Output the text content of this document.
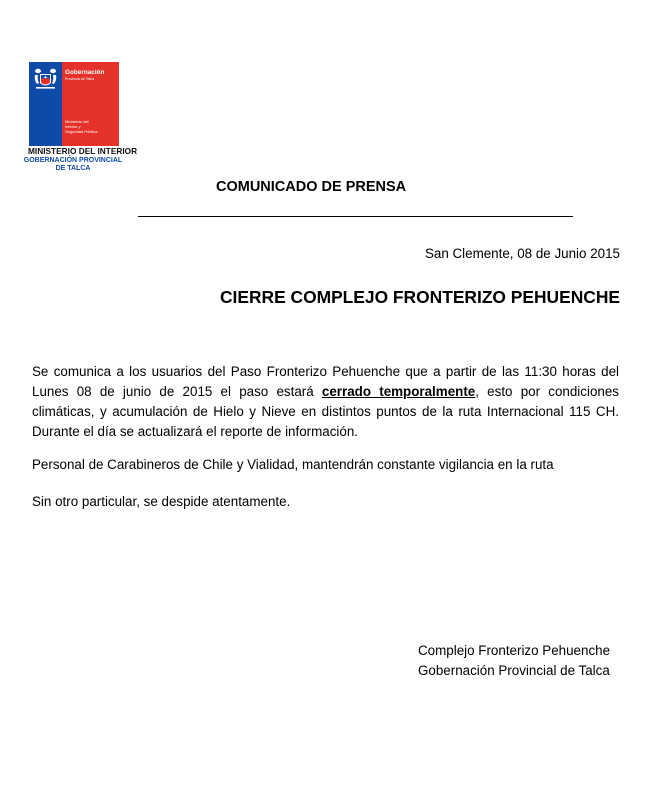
Gobernación
Provincia de Talca
Ministerio del
Interior y
Seguridad Pública
MINISTERIO DEL INTERIOR
GOBERNACIÓN PROVINCIAL
DE TALCA
COMUNICADO DE PRENSA
San Clemente, 08 de Junio 2015
CIERRE COMPLEJO FRONTERIZO PEHUENCHE
Se comunica a los usuarios del Paso Fronterizo Pehuenche que a partir de las 11:30 horas del Lunes 08 de junio de 2015 el paso estará cerrado temporalmente, esto por condiciones climáticas, y acumulación de Hielo y Nieve en distintos puntos de la ruta Internacional 115 CH. Durante el día se actualizará el reporte de información.
Personal de Carabineros de Chile y Vialidad, mantendrán constante vigilancia en la ruta
Sin otro particular, se despide atentamente.
Complejo Fronterizo Pehuenche
Gobernación Provincial de Talca
